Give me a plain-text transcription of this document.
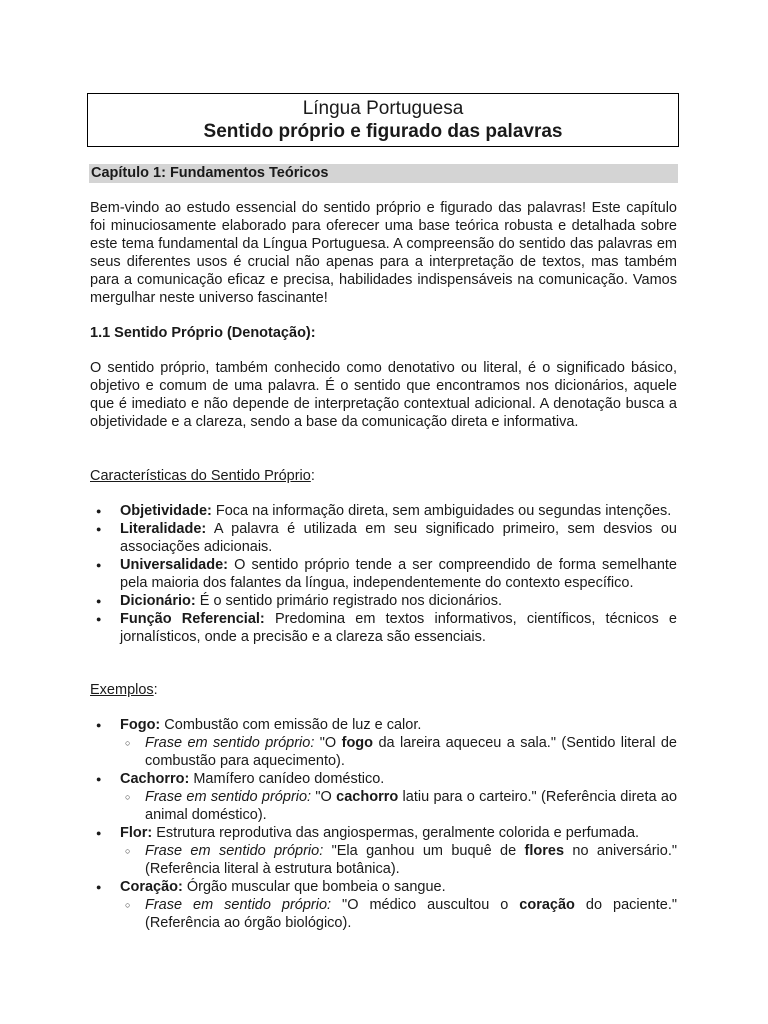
Língua Portuguesa
Sentido próprio e figurado das palavras
Capítulo 1: Fundamentos Teóricos
Bem-vindo ao estudo essencial do sentido próprio e figurado das palavras! Este capítulo foi minuciosamente elaborado para oferecer uma base teórica robusta e detalhada sobre este tema fundamental da Língua Portuguesa. A compreensão do sentido das palavras em seus diferentes usos é crucial não apenas para a interpretação de textos, mas também para a comunicação eficaz e precisa, habilidades indispensáveis na comunicação. Vamos mergulhar neste universo fascinante!
1.1 Sentido Próprio (Denotação):
O sentido próprio, também conhecido como denotativo ou literal, é o significado básico, objetivo e comum de uma palavra. É o sentido que encontramos nos dicionários, aquele que é imediato e não depende de interpretação contextual adicional. A denotação busca a objetividade e a clareza, sendo a base da comunicação direta e informativa.
Características do Sentido Próprio:
● Objetividade: Foca na informação direta, sem ambiguidades ou segundas intenções.
● Literalidade: A palavra é utilizada em seu significado primeiro, sem desvios ou associações adicionais.
● Universalidade: O sentido próprio tende a ser compreendido de forma semelhante pela maioria dos falantes da língua, independentemente do contexto específico.
● Dicionário: É o sentido primário registrado nos dicionários.
● Função Referencial: Predomina em textos informativos, científicos, técnicos e jornalísticos, onde a precisão e a clareza são essenciais.
Exemplos:
● Fogo: Combustão com emissão de luz e calor.
○ Frase em sentido próprio: "O fogo da lareira aqueceu a sala." (Sentido literal de combustão para aquecimento).
● Cachorro: Mamífero canídeo doméstico.
○ Frase em sentido próprio: "O cachorro latiu para o carteiro." (Referência direta ao animal doméstico).
● Flor: Estrutura reprodutiva das angiospermas, geralmente colorida e perfumada.
○ Frase em sentido próprio: "Ela ganhou um buquê de flores no aniversário." (Referência literal à estrutura botânica).
● Coração: Órgão muscular que bombeia o sangue.
○ Frase em sentido próprio: "O médico auscultou o coração do paciente." (Referência ao órgão biológico).
